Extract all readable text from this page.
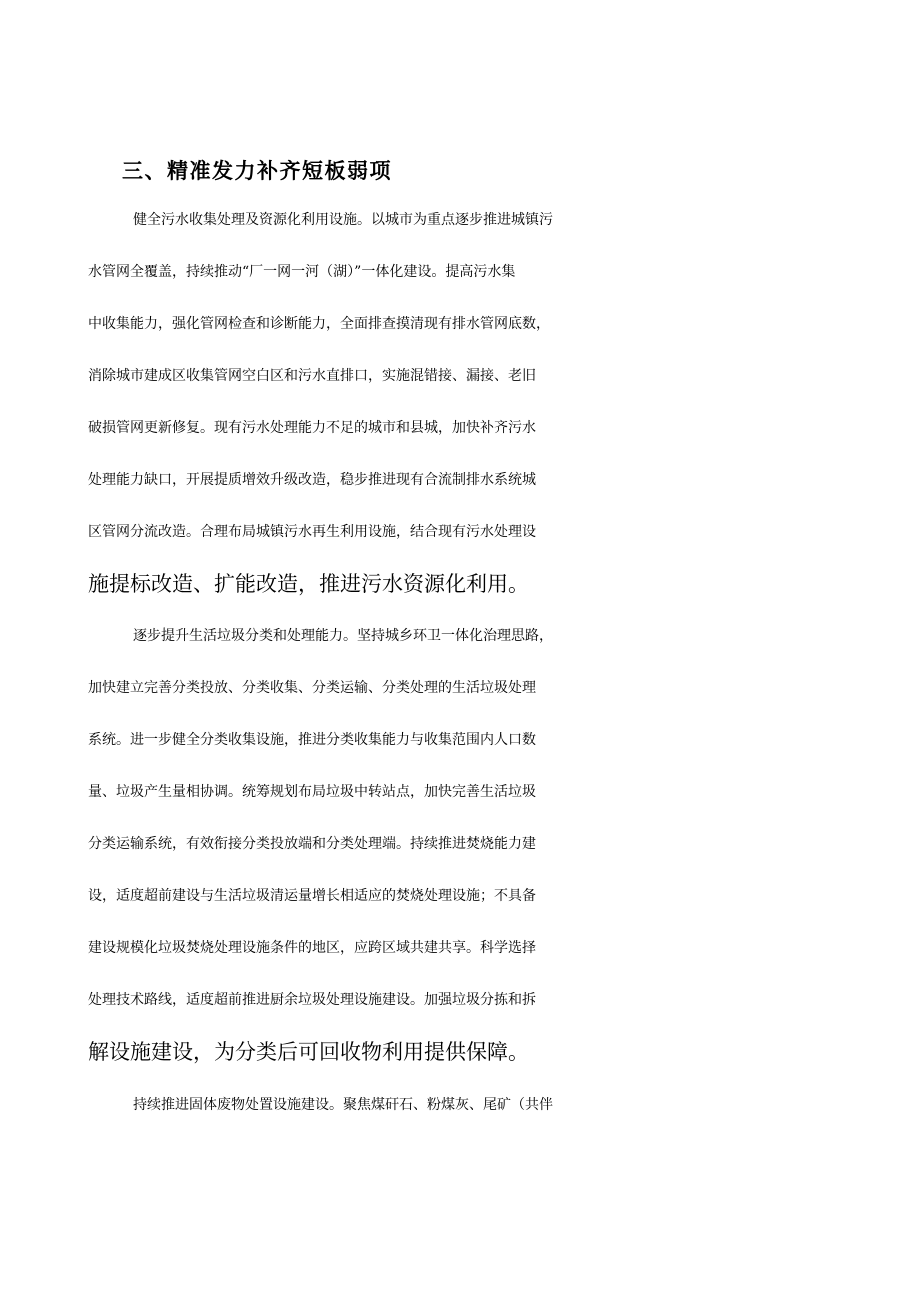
三、精准发力补齐短板弱项
健全污水收集处理及资源化利用设施。以城市为重点逐步推进城镇污
水管网全覆盖，持续推动“厂一网一河（湖）”一体化建设。提高污水集
中收集能力，强化管网检查和诊断能力，全面排查摸清现有排水管网底数，
消除城市建成区收集管网空白区和污水直排口，实施混错接、漏接、老旧
破损管网更新修复。现有污水处理能力不足的城市和县城，加快补齐污水
处理能力缺口，开展提质增效升级改造，稳步推进现有合流制排水系统城
区管网分流改造。合理布局城镇污水再生利用设施，结合现有污水处理设
施提标改造、扩能改造，推进污水资源化利用。
逐步提升生活垃圾分类和处理能力。坚持城乡环卫一体化治理思路，
加快建立完善分类投放、分类收集、分类运输、分类处理的生活垃圾处理
系统。进一步健全分类收集设施，推进分类收集能力与收集范围内人口数
量、垃圾产生量相协调。统筹规划布局垃圾中转站点，加快完善生活垃圾
分类运输系统，有效衔接分类投放端和分类处理端。持续推进焚烧能力建
设，适度超前建设与生活垃圾清运量增长相适应的焚烧处理设施；不具备
建设规模化垃圾焚烧处理设施条件的地区，应跨区域共建共享。科学选择
处理技术路线，适度超前推进厨余垃圾处理设施建设。加强垃圾分拣和拆
解设施建设，为分类后可回收物利用提供保障。
持续推进固体废物处置设施建设。聚焦煤矸石、粉煤灰、尾矿（共伴
